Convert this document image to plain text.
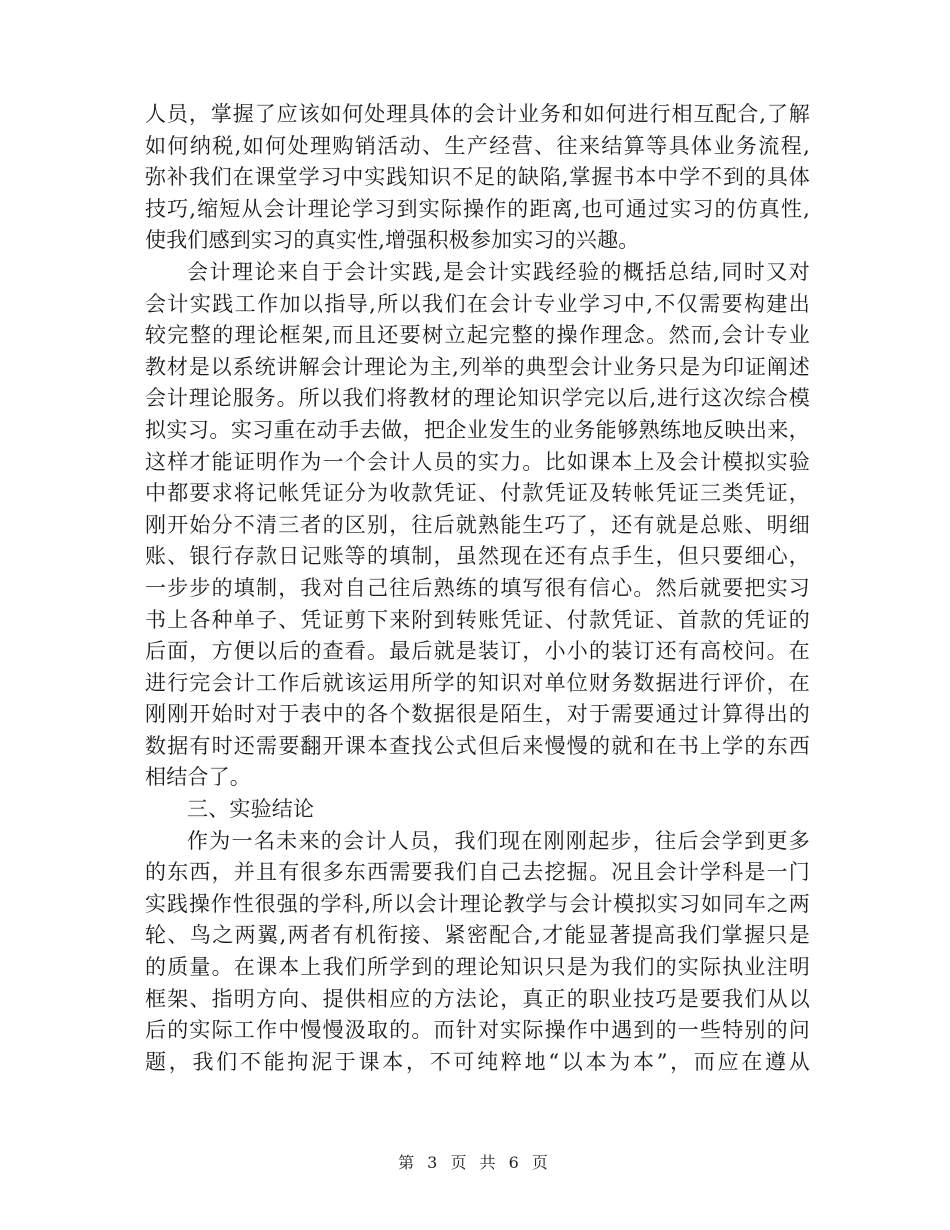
人员，掌握了应该如何处理具体的会计业务和如何进行相互配合,了解
如何纳税,如何处理购销活动、生产经营、往来结算等具体业务流程,
弥补我们在课堂学习中实践知识不足的缺陷,掌握书本中学不到的具体
技巧,缩短从会计理论学习到实际操作的距离,也可通过实习的仿真性,
使我们感到实习的真实性,增强积极参加实习的兴趣。
会计理论来自于会计实践,是会计实践经验的概括总结,同时又对
会计实践工作加以指导,所以我们在会计专业学习中,不仅需要构建出
较完整的理论框架,而且还要树立起完整的操作理念。然而,会计专业
教材是以系统讲解会计理论为主,列举的典型会计业务只是为印证阐述
会计理论服务。所以我们将教材的理论知识学完以后,进行这次综合模
拟实习。实习重在动手去做，把企业发生的业务能够熟练地反映出来，
这样才能证明作为一个会计人员的实力。比如课本上及会计模拟实验
中都要求将记帐凭证分为收款凭证、付款凭证及转帐凭证三类凭证，
刚开始分不清三者的区别，往后就熟能生巧了，还有就是总账、明细
账、银行存款日记账等的填制，虽然现在还有点手生，但只要细心，
一步步的填制，我对自己往后熟练的填写很有信心。然后就要把实习
书上各种单子、凭证剪下来附到转账凭证、付款凭证、首款的凭证的
后面，方便以后的查看。最后就是装订，小小的装订还有高校问。在
进行完会计工作后就该运用所学的知识对单位财务数据进行评价，在
刚刚开始时对于表中的各个数据很是陌生，对于需要通过计算得出的
数据有时还需要翻开课本查找公式但后来慢慢的就和在书上学的东西
相结合了。
三、实验结论
作为一名未来的会计人员，我们现在刚刚起步，往后会学到更多
的东西，并且有很多东西需要我们自己去挖掘。况且会计学科是一门
实践操作性很强的学科,所以会计理论教学与会计模拟实习如同车之两
轮、鸟之两翼,两者有机衔接、紧密配合,才能显著提高我们掌握只是
的质量。在课本上我们所学到的理论知识只是为我们的实际执业注明
框架、指明方向、提供相应的方法论，真正的职业技巧是要我们从以
后的实际工作中慢慢汲取的。而针对实际操作中遇到的一些特别的问
题，我们不能拘泥于课本，不可纯粹地“以本为本”，而应在遵从
第 3 页 共 6 页
